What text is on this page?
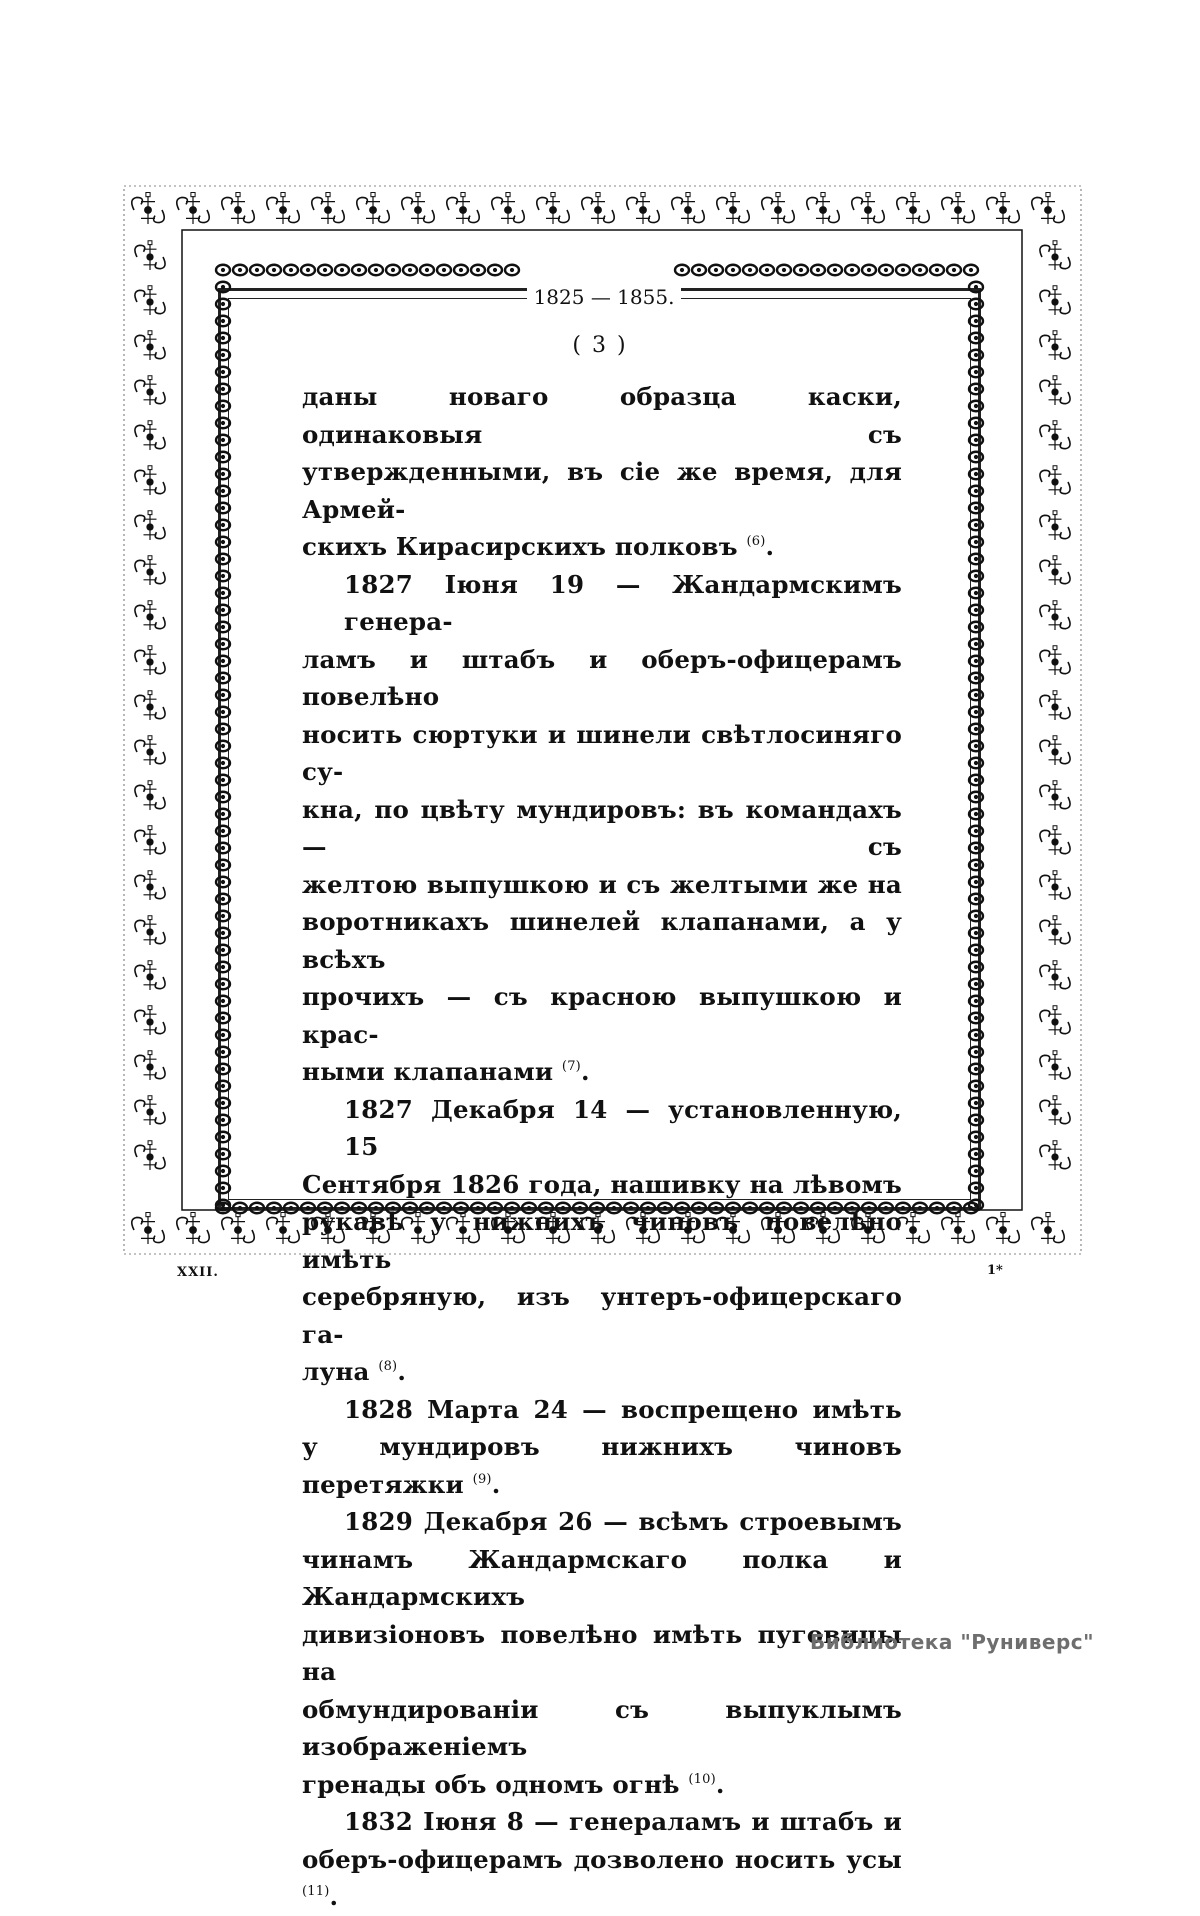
1825 — 1855.
( 3 )
даны новаго образца каски, одинаковыя съ
утвержденными, въ сіе же время, для Армей-
скихъ Кирасирскихъ полковъ $^{(6)}$.
1827 Іюня 19 — Жандармскимъ генера-
ламъ и штабъ и оберъ-офицерамъ повелѣно
носить сюртуки и шинели свѣтлосиняго су-
кна, по цвѣту мундировъ: въ командахъ — съ
желтою выпушкою и съ желтыми же на
воротникахъ шинелей клапанами, а у всѣхъ
прочихъ — съ красною выпушкою и крас-
ными клапанами $^{(7)}$.
1827 Декабря 14 — установленную, 15
Сентября 1826 года, нашивку на лѣвомъ
рукавѣ у нижнихъ чиновъ повелѣно имѣть
серебряную, изъ унтеръ-офицерскаго га-
луна $^{(8)}$.
1828 Марта 24 — воспрещено имѣть
у мундировъ нижнихъ чиновъ перетяжки $^{(9)}$.
1829 Декабря 26 — всѣмъ строевымъ
чинамъ Жандармскаго полка и Жандармскихъ
дивизіоновъ повелѣно имѣть пуговицы на
обмундированіи съ выпуклымъ изображеніемъ
гренады объ одномъ огнѣ $^{(10)}$.
1832 Іюня 8 — генераламъ и штабъ и
оберъ-офицерамъ дозволено носить усы $^{(11)}$.
XXII.	1*
Библиотека "Руниверс"
